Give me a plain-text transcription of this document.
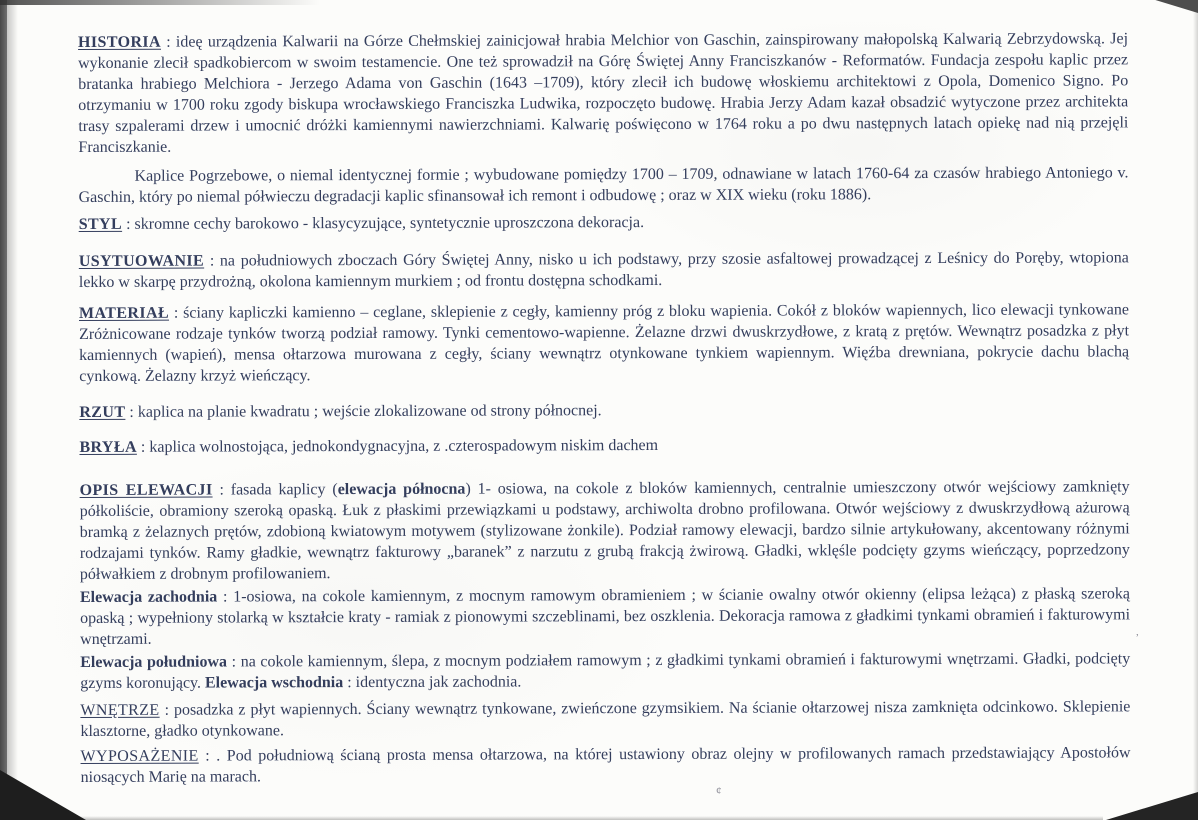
,
¢

HISTORIA : ideę urządzenia Kalwarii na Górze Chełmskiej zainicjował hrabia Melchior von Gaschin, zainspirowany małopolską Kalwarią Zebrzydowską. Jej wykonanie zlecił spadkobiercom w swoim testamencie. One też sprowadził na Górę Świętej Anny Franciszkanów - Reformatów. Fundacja zespołu kaplic przez bratanka hrabiego Melchiora - Jerzego Adama von Gaschin (1643 –1709), który zlecił ich budowę włoskiemu architektowi z Opola, Domenico Signo. Po otrzymaniu w 1700 roku zgody biskupa wrocławskiego Franciszka Ludwika, rozpoczęto budowę. Hrabia Jerzy Adam kazał obsadzić wytyczone przez architekta trasy szpalerami drzew i umocnić dróżki kamiennymi nawierzchniami. Kalwarię poświęcono w 1764 roku a po dwu następnych latach opiekę nad nią przejęli Franciszkanie.

Kaplice Pogrzebowe, o niemal identycznej formie ; wybudowane pomiędzy 1700 – 1709, odnawiane w latach 1760-64 za czasów hrabiego Antoniego v. Gaschin, który po niemal półwieczu degradacji kaplic sfinansował ich remont i odbudowę ; oraz w XIX wieku (roku 1886).

STYL : skromne cechy barokowo - klasycyzujące, syntetycznie uproszczona dekoracja.

USYTUOWANIE : na południowych zboczach Góry Świętej Anny, nisko u ich podstawy, przy szosie asfaltowej prowadzącej z Leśnicy do Poręby, wtopiona lekko w skarpę przydrożną, okolona kamiennym murkiem ; od frontu dostępna schodkami.

MATERIAŁ : ściany kapliczki kamienno – ceglane, sklepienie z cegły, kamienny próg z bloku wapienia. Cokół z bloków wapiennych, lico elewacji tynkowane Zróżnicowane rodzaje tynków tworzą podział ramowy. Tynki cementowo-wapienne. Żelazne drzwi dwuskrzydłowe, z kratą z prętów. Wewnątrz posadzka z płyt kamiennych (wapień), mensa ołtarzowa murowana z cegły, ściany wewnątrz otynkowane tynkiem wapiennym. Więźba drewniana, pokrycie dachu blachą cynkową. Żelazny krzyż wieńczący.

RZUT : kaplica na planie kwadratu ; wejście zlokalizowane od strony północnej.

BRYŁA : kaplica wolnostojąca, jednokondygnacyjna, z .czterospadowym niskim dachem

OPIS ELEWACJI : fasada kaplicy (elewacja północna) 1- osiowa, na cokole z bloków kamiennych, centralnie umieszczony otwór wejściowy zamknięty półkoliście, obramiony szeroką opaską. Łuk z płaskimi przewiązkami u podstawy, archiwolta drobno profilowana. Otwór wejściowy z dwuskrzydłową ażurową bramką z żelaznych prętów, zdobioną kwiatowym motywem (stylizowane żonkile). Podział ramowy elewacji, bardzo silnie artykułowany, akcentowany różnymi rodzajami tynków. Ramy gładkie, wewnątrz fakturowy „baranek” z narzutu z grubą frakcją żwirową. Gładki, wklęśle podcięty gzyms wieńczący, poprzedzony półwałkiem z drobnym profilowaniem.

Elewacja zachodnia : 1-osiowa, na cokole kamiennym, z mocnym ramowym obramieniem ; w ścianie owalny otwór okienny (elipsa leżąca) z płaską szeroką opaską ; wypełniony stolarką w kształcie kraty - ramiak z pionowymi szczeblinami, bez oszklenia. Dekoracja ramowa z gładkimi tynkami obramień i fakturowymi wnętrzami.

Elewacja południowa : na cokole kamiennym, ślepa, z mocnym podziałem ramowym ; z gładkimi tynkami obramień i fakturowymi wnętrzami. Gładki, podcięty gzyms koronujący. Elewacja wschodnia : identyczna jak zachodnia.

WNĘTRZE : posadzka z płyt wapiennych. Ściany wewnątrz tynkowane, zwieńczone gzymsikiem. Na ścianie ołtarzowej nisza zamknięta odcinkowo. Sklepienie klasztorne, gładko otynkowane.

WYPOSAŻENIE : . Pod południową ścianą prosta mensa ołtarzowa, na której ustawiony obraz olejny w profilowanych ramach przedstawiający Apostołów niosących Marię na marach.
